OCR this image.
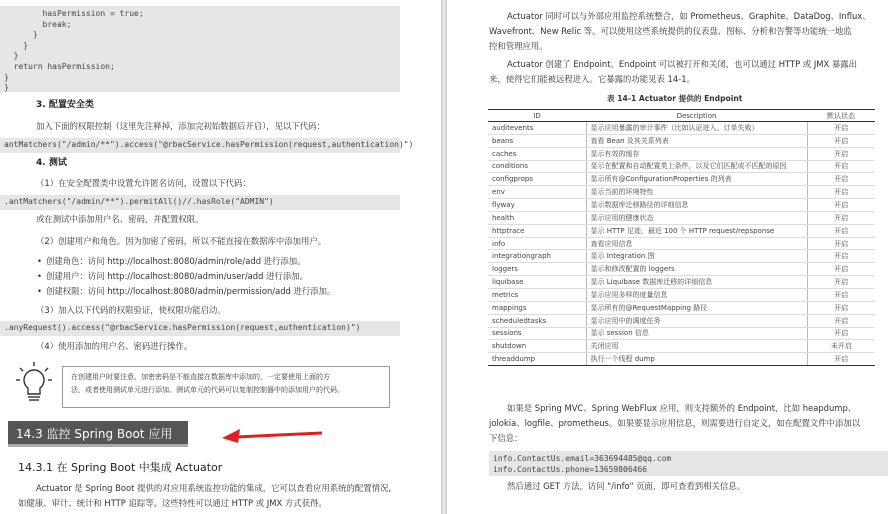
hasPermission = true;
break;
}
}
}
return hasPermission;
}
}
3. 配置安全类
加入下面的权限控制（这里先注释掉，添加完初始数据后开启），见以下代码：
antMatchers("/admin/**").access("@rbacService.hasPermission(request,authentication)")
4. 测试
（1）在安全配置类中设置允许匿名访问，设置以下代码：
.antMatchers("/admin/**").permitAll()//.hasRole("ADMIN")
或在测试中添加用户名、密码，并配置权限。
（2）创建用户和角色。因为加密了密码，所以不能直接在数据库中添加用户。
• 创建角色：访问 http://localhost:8080/admin/role/add 进行添加。
• 创建用户：访问 http://localhost:8080/admin/user/add 进行添加。
• 创建权限：访问 http://localhost:8080/admin/permission/add 进行添加。
（3）加入以下代码的权限验证，使权限功能启动。
.anyRequest().access("@rbacService.hasPermission(request,authentication)")
（4）使用添加的用户名、密码进行操作。
在创建用户时要注意，加密密码是不能直接在数据库中添加的，一定要使用上面的方
法，或者使用测试单元进行添加。测试单元的代码可以复制控制器中的添加用户的代码。
14.3 监控 Spring Boot 应用
14.3.1 在 Spring Boot 中集成 Actuator
Actuator 是 Spring Boot 提供的对应用系统监控功能的集成，它可以查看应用系统的配置情况,
如健康、审计、统计和 HTTP 追踪等。这些特性可以通过 HTTP 或 JMX 方式获得。
Actuator 同时可以与外部应用监控系统整合，如 Prometheus、Graphite、DataDog、Influx、
Wavefront、New Relic 等。可以使用这些系统提供的仪表盘、图标、分析和告警等功能统一地监
控和管理应用。
Actuator 创建了 Endpoint。Endpoint 可以被打开和关闭，也可以通过 HTTP 或 JMX 暴露出
来，使得它们能被远程进入。它暴露的功能见表 14-1。
表 14-1 Actuator 提供的 Endpoint
ID	Description	默认状态
auditevents	显示应用暴露的审计事件（比如认证进入、订单失败）	开启
beans	查看 Bean 及其关系列表	开启
caches	显示有效的缓存	开启
conditions	显示在配置和自动配置类上条件，以及它们匹配或不匹配的原因	开启
configprops	显示所有@ConfigurationProperties 的列表	开启
env	显示当前的环境特性	开启
flyway	显示数据库迁移路径的详细信息	开启
health	显示应用的健康状态	开启
httptrace	显示 HTTP 足迹，最近 100 个 HTTP request/repsponse	开启
info	查看应用信息	开启
integrationgraph	显示 Integration 图	开启
loggers	显示和修改配置的 loggers	开启
liquibase	显示 Liquibase 数据库迁移的详细信息	开启
metrics	显示应用多样的度量信息	开启
mappings	显示所有的@RequestMapping 路径	开启
scheduledtasks	显示应用中的调度任务	开启
sessions	显示 session 信息	开启
shutdown	关闭应用	未开启
threaddump	执行一个线程 dump	开启
如果是 Spring MVC、Spring WebFlux 应用，则支持额外的 Endpoint，比如 heapdump、
jolokia、logfile、prometheus。如果要显示应用信息，则需要进行自定义，如在配置文件中添加以
下信息：
info.ContactUs.email=363694485@qq.com
info.ContactUs.phone=13659806466
然后通过 GET 方法，访问 "/info" 页面，即可查看到相关信息。
